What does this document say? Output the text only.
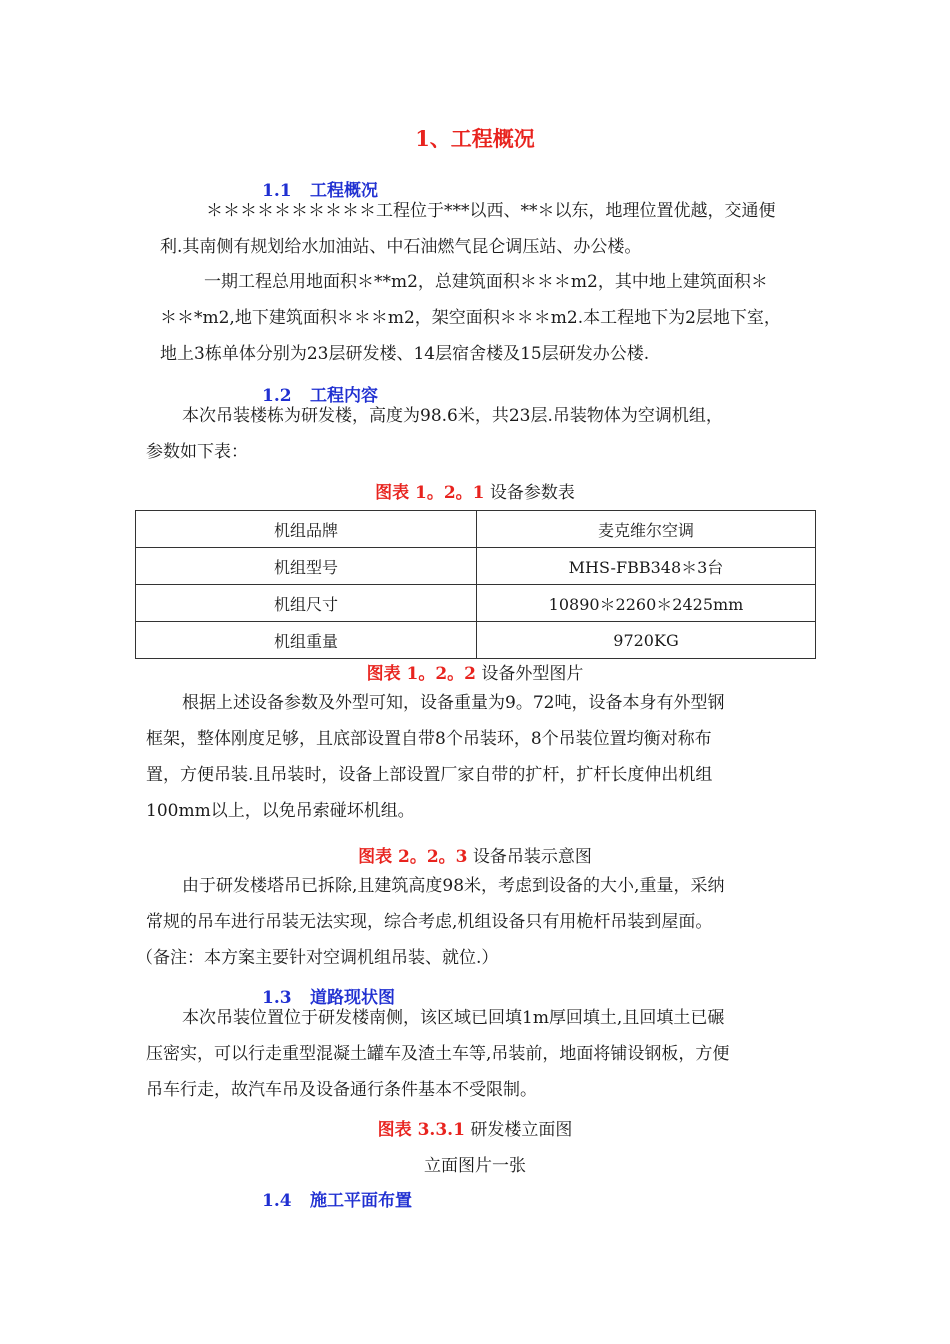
1、工程概况
1.1 工程概况
＊＊＊＊＊＊＊＊＊＊工程位于***以西、**＊以东，地理位置优越，交通便
利.其南侧有规划给水加油站、中石油燃气昆仑调压站、办公楼。
一期工程总用地面积＊**m2，总建筑面积＊＊＊m2，其中地上建筑面积＊
＊＊*m2,地下建筑面积＊＊＊m2，架空面积＊＊＊m2.本工程地下为2层地下室，
地上3栋单体分别为23层研发楼、14层宿舍楼及15层研发办公楼.
1.2 工程内容
本次吊装楼栋为研发楼，高度为98.6米，共23层.吊装物体为空调机组，
参数如下表：
图表 1。2。1 设备参数表
机组品牌	麦克维尔空调
机组型号	MHS-FBB348＊3台
机组尺寸	10890＊2260＊2425mm
机组重量	9720KG
图表 1。2。2 设备外型图片
根据上述设备参数及外型可知，设备重量为9。72吨，设备本身有外型钢
框架，整体刚度足够，且底部设置自带8个吊装环，8个吊装位置均衡对称布
置，方便吊装.且吊装时，设备上部设置厂家自带的扩杆，扩杆长度伸出机组
100mm以上，以免吊索碰坏机组。
图表 2。2。3 设备吊装示意图
由于研发楼塔吊已拆除,且建筑高度98米，考虑到设备的大小,重量，采纳
常规的吊车进行吊装无法实现，综合考虑,机组设备只有用桅杆吊装到屋面。
（备注：本方案主要针对空调机组吊装、就位.）
1.3 道路现状图
本次吊装位置位于研发楼南侧，该区域已回填1m厚回填土,且回填土已碾
压密实，可以行走重型混凝土罐车及渣土车等,吊装前，地面将铺设钢板，方便
吊车行走，故汽车吊及设备通行条件基本不受限制。
图表 3.3.1 研发楼立面图
立面图片一张
1.4 施工平面布置
